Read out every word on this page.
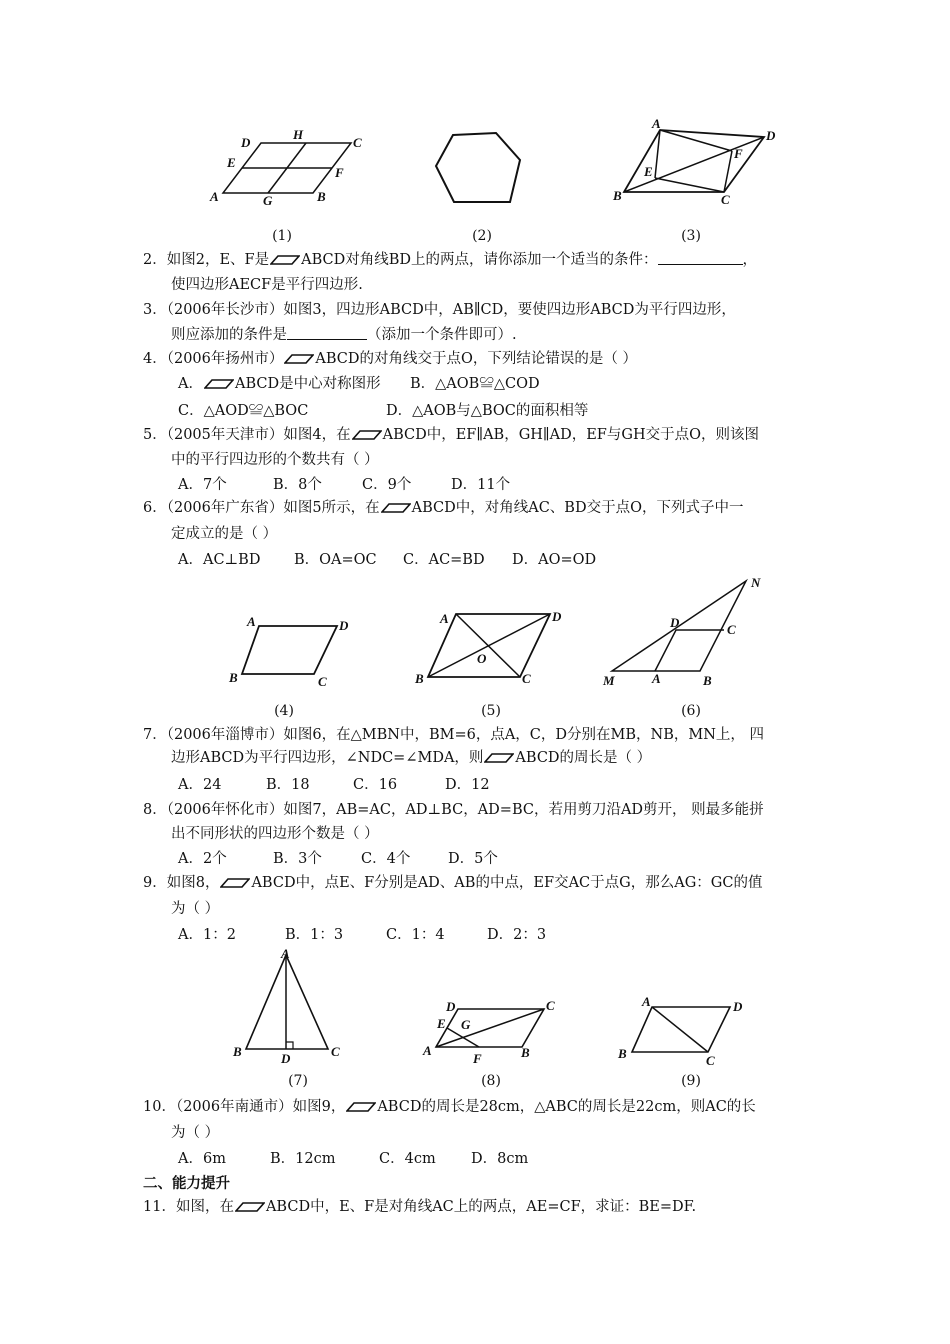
D
H
C
E
F
A	G	B
(1)	(2)
A
D
F
E
B	C
(3)
2．如图2，E、F是 ABCD对角线BD上的两点，请你添加一个适当的条件：	，
使四边形AECF是平行四边形.
3．（2006年长沙市）如图3，四边形ABCD中，AB∥CD，要使四边形ABCD为平行四边形，
则应添加的条件是	（添加一个条件即可）.
4．（2006年扬州市） ABCD的对角线交于点O，下列结论错误的是（ ）
A． ABCD是中心对称图形 B．△AOB≌△COD
C．△AOD≌△BOC	D．△AOB与△BOC的面积相等
5．（2005年天津市）如图4，在 ABCD中，EF∥AB，GH∥AD，EF与GH交于点O，则该图
中的平行四边形的个数共有（ ）
A．7个	B．8个	C．9个	D．11个
6．（2006年广东省）如图5所示，在 ABCD中，对角线AC、BD交于点O，下列式子中一
定成立的是（ ）
A．AC⊥BD B．OA=OC C．AC=BD D．AO=OD
A	D
B	C
(4)
A	D
O
B	C
(5)
N
D	C
M	A	B
(6)
7．（2006年淄博市）如图6，在△MBN中，BM=6，点A，C，D分别在MB，NB，MN上， 四
边形ABCD为平行四边形，∠NDC=∠MDA，则 ABCD的周长是（ ）
A．24	B．18	C．16	D．12
8．（2006年怀化市）如图7，AB=AC，AD⊥BC，AD=BC，若用剪刀沿AD剪开， 则最多能拼
出不同形状的四边形个数是（ ）
A．2个	B．3个	C．4个	D．5个
9．如图8， ABCD中，点E、F分别是AD、AB的中点，EF交AC于点G，那么AG：GC的值
为（ ）
A．1：2	B．1：3	C．1：4	D．2：3
A
B	D	C
(7)
D	C
E G
A
F	B
(8)
A	D
B	C
(9)
10．（2006年南通市）如图9， ABCD的周长是28cm，△ABC的周长是22cm，则AC的长
为（ ）
A．6m	B．12cm	C．4cm D．8cm
二、能力提升
11．如图，在 ABCD中，E、F是对角线AC上的两点，AE=CF，求证：BE=DF.
